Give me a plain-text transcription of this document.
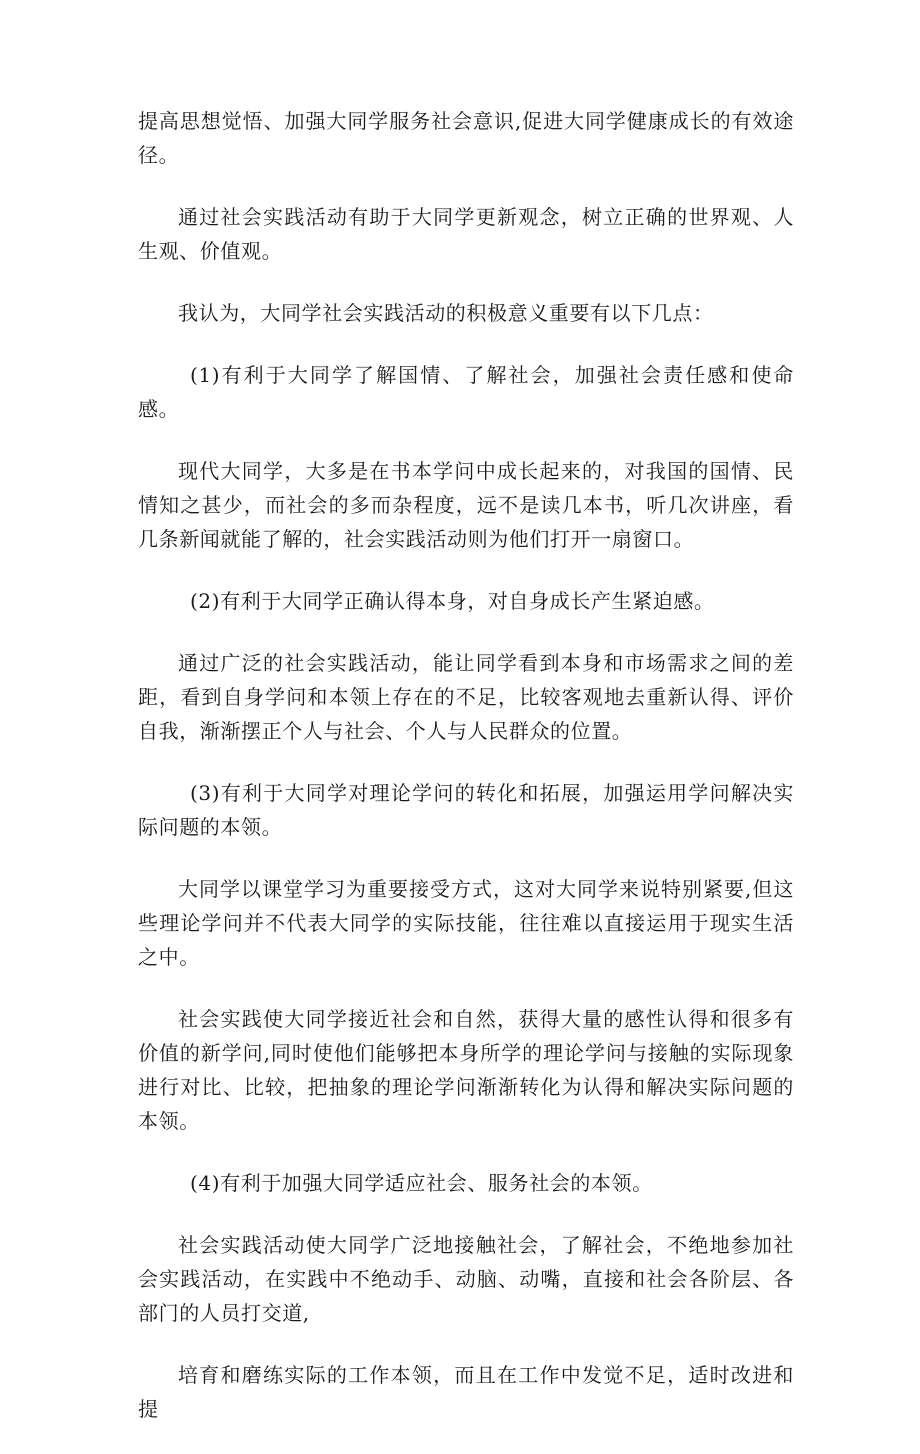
提高思想觉悟、加强大同学服务社会意识,促进大同学健康成长的有效途径。

通过社会实践活动有助于大同学更新观念，树立正确的世界观、人生观、价值观。

我认为，大同学社会实践活动的积极意义重要有以下几点：

(1)有利于大同学了解国情、了解社会，加强社会责任感和使命感。

现代大同学，大多是在书本学问中成长起来的，对我国的国情、民情知之甚少，而社会的多而杂程度，远不是读几本书，听几次讲座，看几条新闻就能了解的，社会实践活动则为他们打开一扇窗口。

(2)有利于大同学正确认得本身，对自身成长产生紧迫感。

通过广泛的社会实践活动，能让同学看到本身和市场需求之间的差距，看到自身学问和本领上存在的不足，比较客观地去重新认得、评价自我，渐渐摆正个人与社会、个人与人民群众的位置。

(3)有利于大同学对理论学问的转化和拓展，加强运用学问解决实际问题的本领。

大同学以课堂学习为重要接受方式，这对大同学来说特别紧要,但这些理论学问并不代表大同学的实际技能，往往难以直接运用于现实生活之中。

社会实践使大同学接近社会和自然，获得大量的感性认得和很多有价值的新学问,同时使他们能够把本身所学的理论学问与接触的实际现象进行对比、比较，把抽象的理论学问渐渐转化为认得和解决实际问题的本领。

(4)有利于加强大同学适应社会、服务社会的本领。

社会实践活动使大同学广泛地接触社会，了解社会，不绝地参加社会实践活动，在实践中不绝动手、动脑、动嘴，直接和社会各阶层、各部门的人员打交道,

培育和磨练实际的工作本领，而且在工作中发觉不足，适时改进和提
